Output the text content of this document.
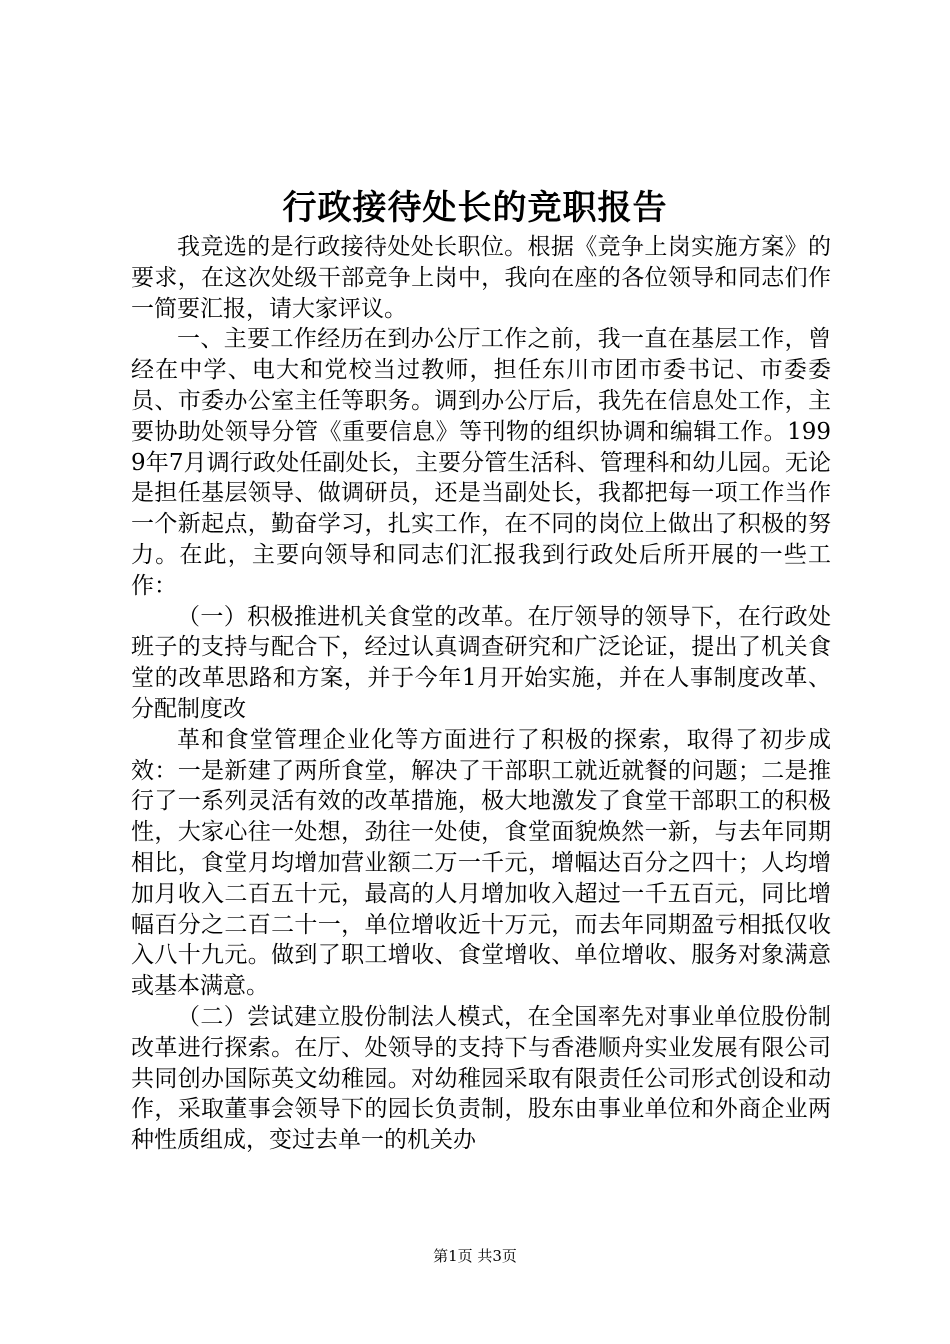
行政接待处长的竞职报告

我竞选的是行政接待处处长职位。根据《竞争上岗实施方案》的要求，在这次处级干部竞争上岗中，我向在座的各位领导和同志们作一简要汇报，请大家评议。

一、主要工作经历在到办公厅工作之前，我一直在基层工作，曾经在中学、电大和党校当过教师，担任东川市团市委书记、市委委员、市委办公室主任等职务。调到办公厅后，我先在信息处工作，主要协助处领导分管《重要信息》等刊物的组织协调和编辑工作。1999年7月调行政处任副处长，主要分管生活科、管理科和幼儿园。无论是担任基层领导、做调研员，还是当副处长，我都把每一项工作当作一个新起点，勤奋学习，扎实工作，在不同的岗位上做出了积极的努力。在此，主要向领导和同志们汇报我到行政处后所开展的一些工作：

（一）积极推进机关食堂的改革。在厅领导的领导下，在行政处班子的支持与配合下，经过认真调查研究和广泛论证，提出了机关食堂的改革思路和方案，并于今年1月开始实施，并在人事制度改革、分配制度改

革和食堂管理企业化等方面进行了积极的探索，取得了初步成效：一是新建了两所食堂，解决了干部职工就近就餐的问题；二是推行了一系列灵活有效的改革措施，极大地激发了食堂干部职工的积极性，大家心往一处想，劲往一处使，食堂面貌焕然一新，与去年同期相比，食堂月均增加营业额二万一千元，增幅达百分之四十；人均增加月收入二百五十元，最高的人月增加收入超过一千五百元，同比增幅百分之二百二十一，单位增收近十万元，而去年同期盈亏相抵仅收入八十九元。做到了职工增收、食堂增收、单位增收、服务对象满意或基本满意。

（二）尝试建立股份制法人模式，在全国率先对事业单位股份制改革进行探索。在厅、处领导的支持下与香港顺舟实业发展有限公司共同创办国际英文幼稚园。对幼稚园采取有限责任公司形式创设和动作，采取董事会领导下的园长负责制，股东由事业单位和外商企业两种性质组成，变过去单一的机关办

第1页 共3页
